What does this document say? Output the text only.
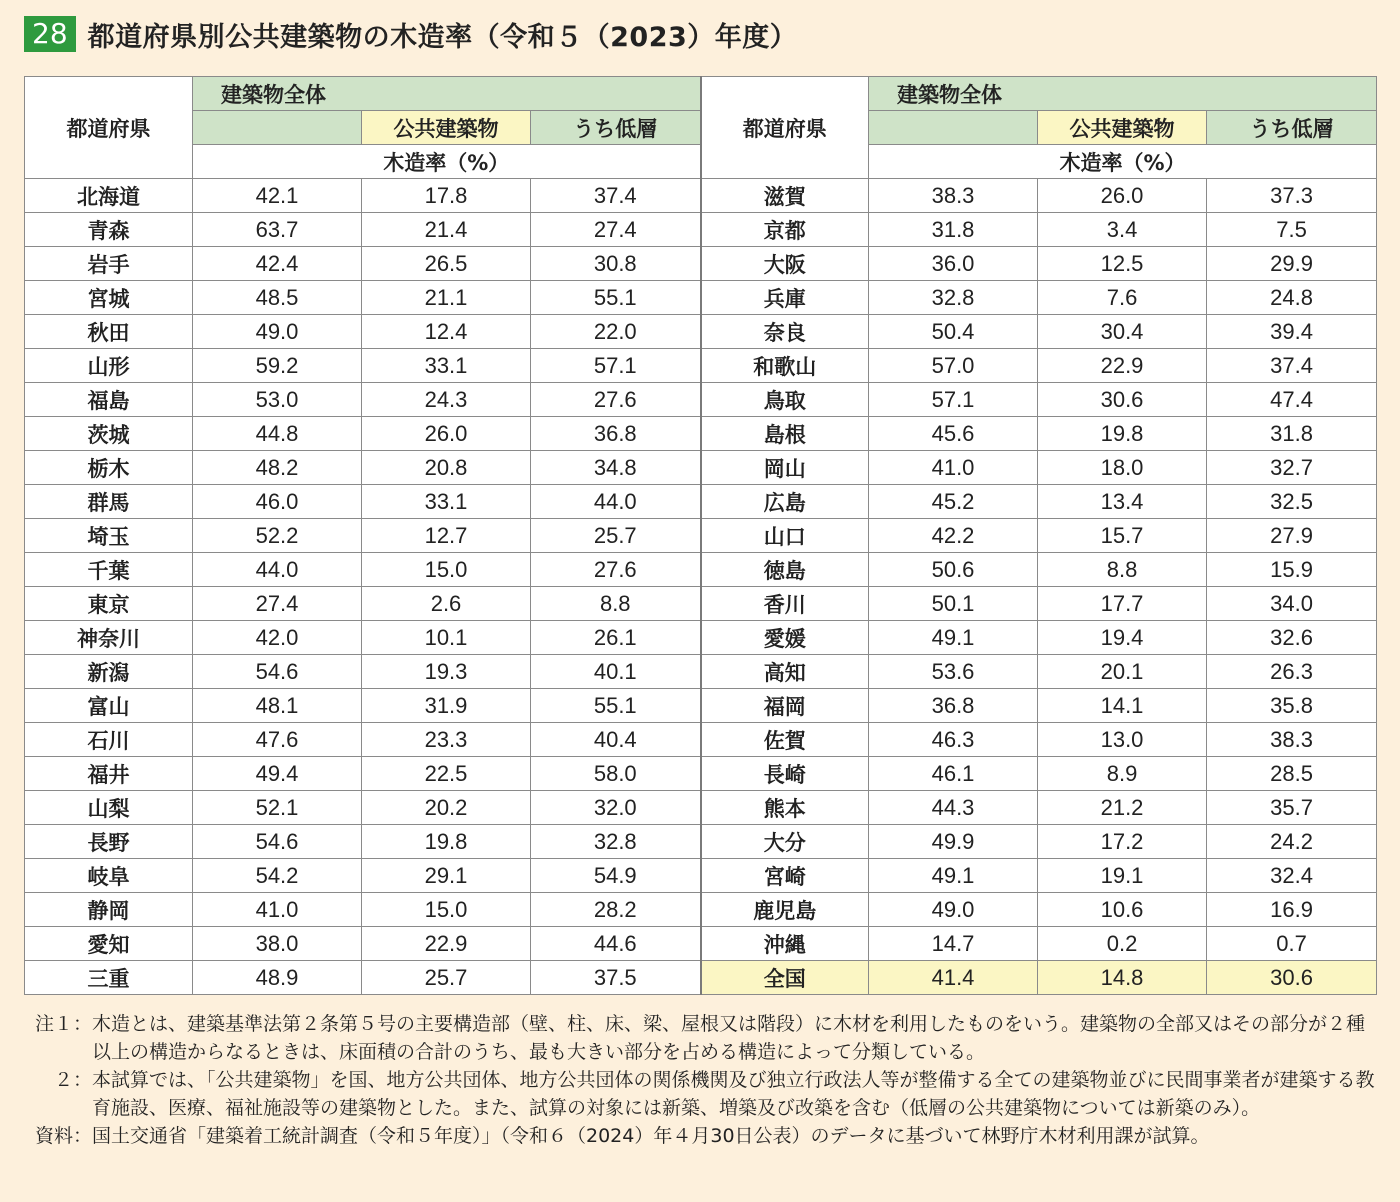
28 都道府県別公共建築物の木造率（令和５（2023）年度）
都道府県	建築物全体			都道府県	建築物全体		
		公共建築物	うち低層			公共建築物	うち低層
	木造率（%）				木造率（%）		
北海道	42.1	17.8	37.4	滋賀	38.3	26.0	37.3
青森	63.7	21.4	27.4	京都	31.8	3.4	7.5
岩手	42.4	26.5	30.8	大阪	36.0	12.5	29.9
宮城	48.5	21.1	55.1	兵庫	32.8	7.6	24.8
秋田	49.0	12.4	22.0	奈良	50.4	30.4	39.4
山形	59.2	33.1	57.1	和歌山	57.0	22.9	37.4
福島	53.0	24.3	27.6	鳥取	57.1	30.6	47.4
茨城	44.8	26.0	36.8	島根	45.6	19.8	31.8
栃木	48.2	20.8	34.8	岡山	41.0	18.0	32.7
群馬	46.0	33.1	44.0	広島	45.2	13.4	32.5
埼玉	52.2	12.7	25.7	山口	42.2	15.7	27.9
千葉	44.0	15.0	27.6	徳島	50.6	8.8	15.9
東京	27.4	2.6	8.8	香川	50.1	17.7	34.0
神奈川	42.0	10.1	26.1	愛媛	49.1	19.4	32.6
新潟	54.6	19.3	40.1	高知	53.6	20.1	26.3
富山	48.1	31.9	55.1	福岡	36.8	14.1	35.8
石川	47.6	23.3	40.4	佐賀	46.3	13.0	38.3
福井	49.4	22.5	58.0	長崎	46.1	8.9	28.5
山梨	52.1	20.2	32.0	熊本	44.3	21.2	35.7
長野	54.6	19.8	32.8	大分	49.9	17.2	24.2
岐阜	54.2	29.1	54.9	宮崎	49.1	19.1	32.4
静岡	41.0	15.0	28.2	鹿児島	49.0	10.6	16.9
愛知	38.0	22.9	44.6	沖縄	14.7	0.2	0.7
三重	48.9	25.7	37.5	全国	41.4	14.8	30.6
注１： 木造とは、建築基準法第２条第５号の主要構造部（壁、柱、床、梁、屋根又は階段）に木材を利用したものをいう。建築物の全部又はその部分が２種以上の構造からなるときは、床面積の合計のうち、最も大きい部分を占める構造によって分類している。
２： 本試算では、「公共建築物」を国、地方公共団体、地方公共団体の関係機関及び独立行政法人等が整備する全ての建築物並びに民間事業者が建築する教育施設、医療、福祉施設等の建築物とした。また、試算の対象には新築、増築及び改築を含む（低層の公共建築物については新築のみ）。
資料： 国土交通省「建築着工統計調査（令和５年度）」（令和６（2024）年４月30日公表）のデータに基づいて林野庁木材利用課が試算。
